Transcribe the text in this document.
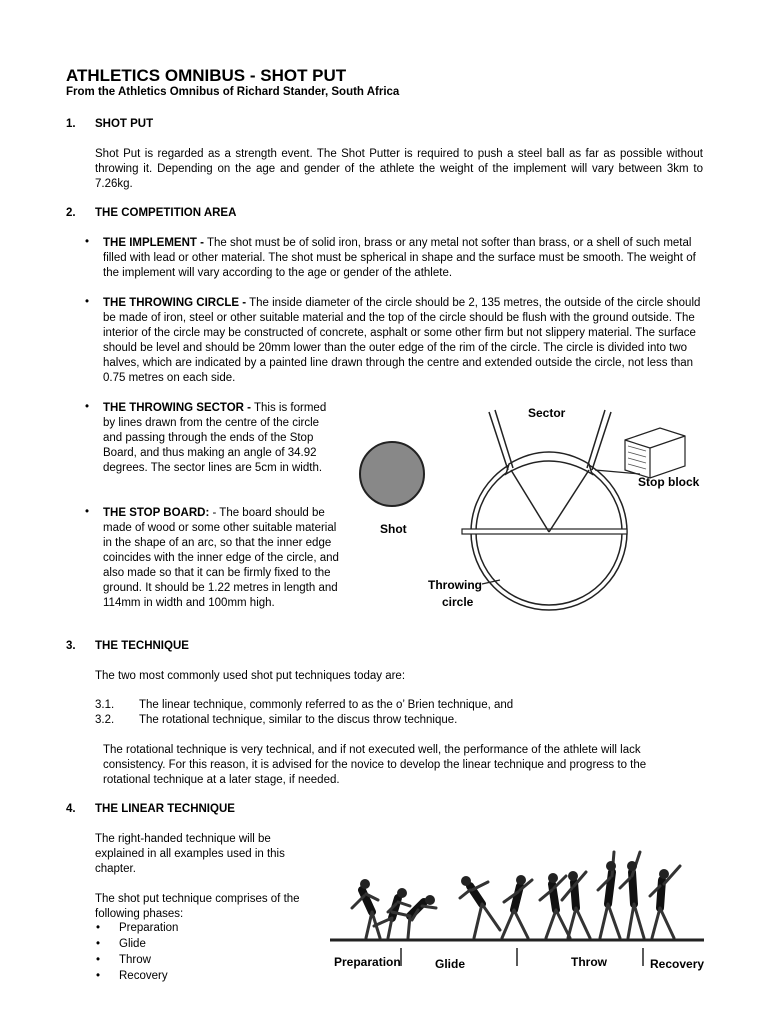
ATHLETICS OMNIBUS - SHOT PUT
From the Athletics Omnibus of Richard Stander, South Africa
1. SHOT PUT
Shot Put is regarded as a strength event. The Shot Putter is required to push a steel ball as far as possible without throwing it. Depending on the age and gender of the athlete the weight of the implement will vary between 3km to 7.26kg.
2. THE COMPETITION AREA
• THE IMPLEMENT - The shot must be of solid iron, brass or any metal not softer than brass, or a shell of such metal filled with lead or other material. The shot must be spherical in shape and the surface must be smooth. The weight of the implement will vary according to the age or gender of the athlete.
• THE THROWING CIRCLE - The inside diameter of the circle should be 2, 135 metres, the outside of the circle should be made of iron, steel or other suitable material and the top of the circle should be flush with the ground outside. The interior of the circle may be constructed of concrete, asphalt or some other firm but not slippery material. The surface should be level and should be 20mm lower than the outer edge of the rim of the circle. The circle is divided into two halves, which are indicated by a painted line drawn through the centre and extended outside the circle, not less than 0.75 metres on each side.
• THE THROWING SECTOR - This is formed by lines drawn from the centre of the circle and passing through the ends of the Stop Board, and thus making an angle of 34.92 degrees. The sector lines are 5cm in width.
• THE STOP BOARD: - The board should be made of wood or some other suitable material in the shape of an arc, so that the inner edge coincides with the inner edge of the circle, and also made so that it can be firmly fixed to the ground. It should be 1.22 metres in length and 114mm in width and 100mm high.
Shot
Sector
Stop block
Throwing
circle
3. THE TECHNIQUE
The two most commonly used shot put techniques today are:
3.1. The linear technique, commonly referred to as the o’ Brien technique, and
3.2. The rotational technique, similar to the discus throw technique.
The rotational technique is very technical, and if not executed well, the performance of the athlete will lack consistency. For this reason, it is advised for the novice to develop the linear technique and progress to the rotational technique at a later stage, if needed.
4. THE LINEAR TECHNIQUE
The right-handed technique will be explained in all examples used in this chapter.
The shot put technique comprises of the following phases:
• Preparation
• Glide
• Throw
• Recovery
Preparation	Glide	Throw	Recovery
